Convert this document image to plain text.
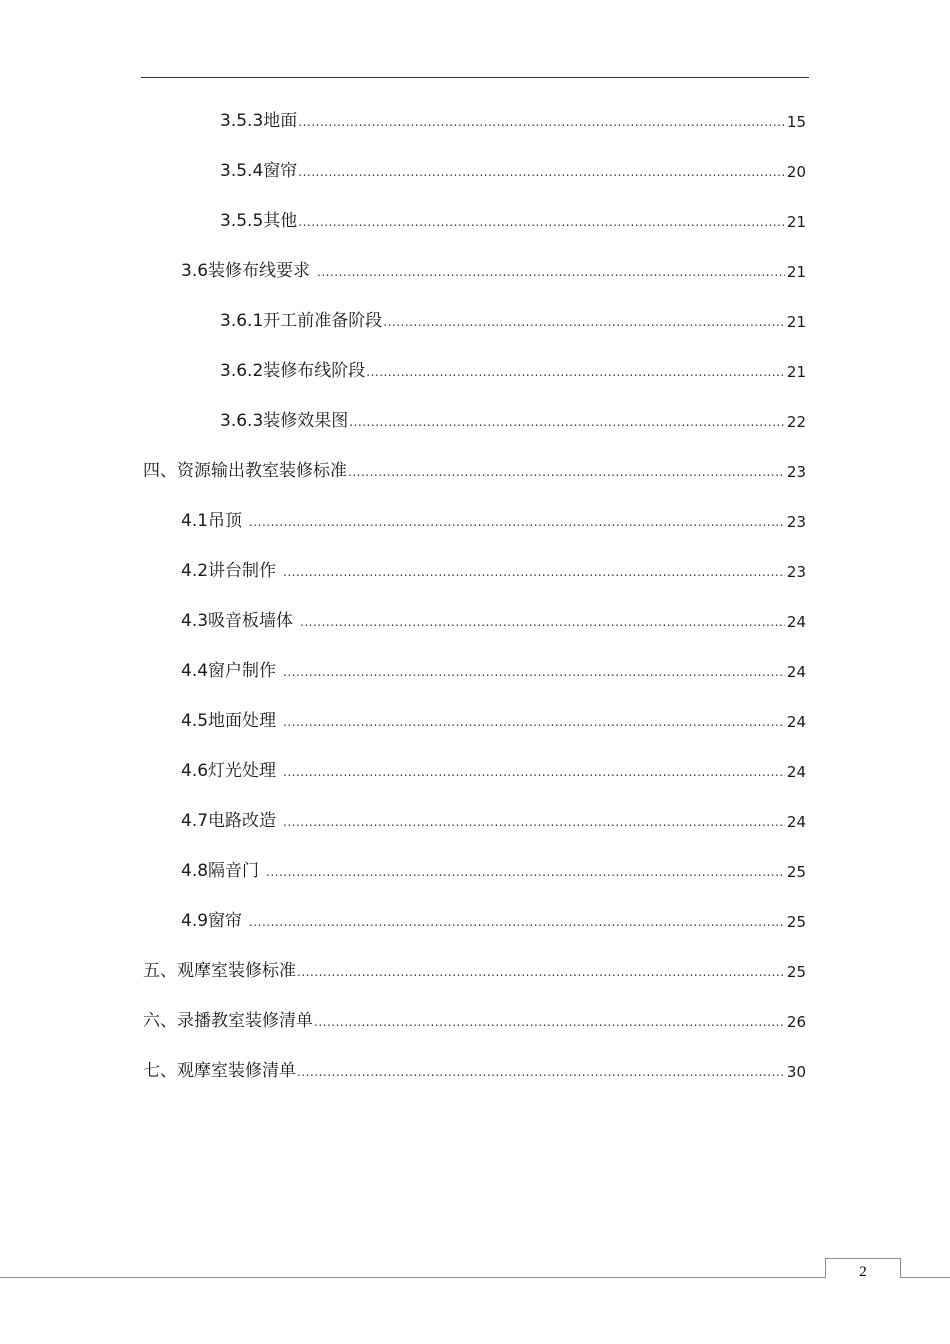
3.5.3 地面 .....	15
3.5.4 窗帘 .....	20
3.5.5 其他 .....	21
3.6 装修布线要求 .....	21
3.6.1 开工前准备阶段 .....	21
3.6.2 装修布线阶段 .....	21
3.6.3 装修效果图 .....	22
四、 资源输出教室装修标准 .....	23
4.1 吊顶 .....	23
4.2 讲台制作 .....	23
4.3 吸音板墙体 .....	24
4.4 窗户制作 .....	24
4.5 地面处理 .....	24
4.6 灯光处理 .....	24
4.7 电路改造 .....	24
4.8 隔音门 .....	25
4.9 窗帘 .....	25
五、 观摩室装修标准 .....	25
六、 录播教室装修清单 .....	26
七、 观摩室装修清单 .....	30
2
